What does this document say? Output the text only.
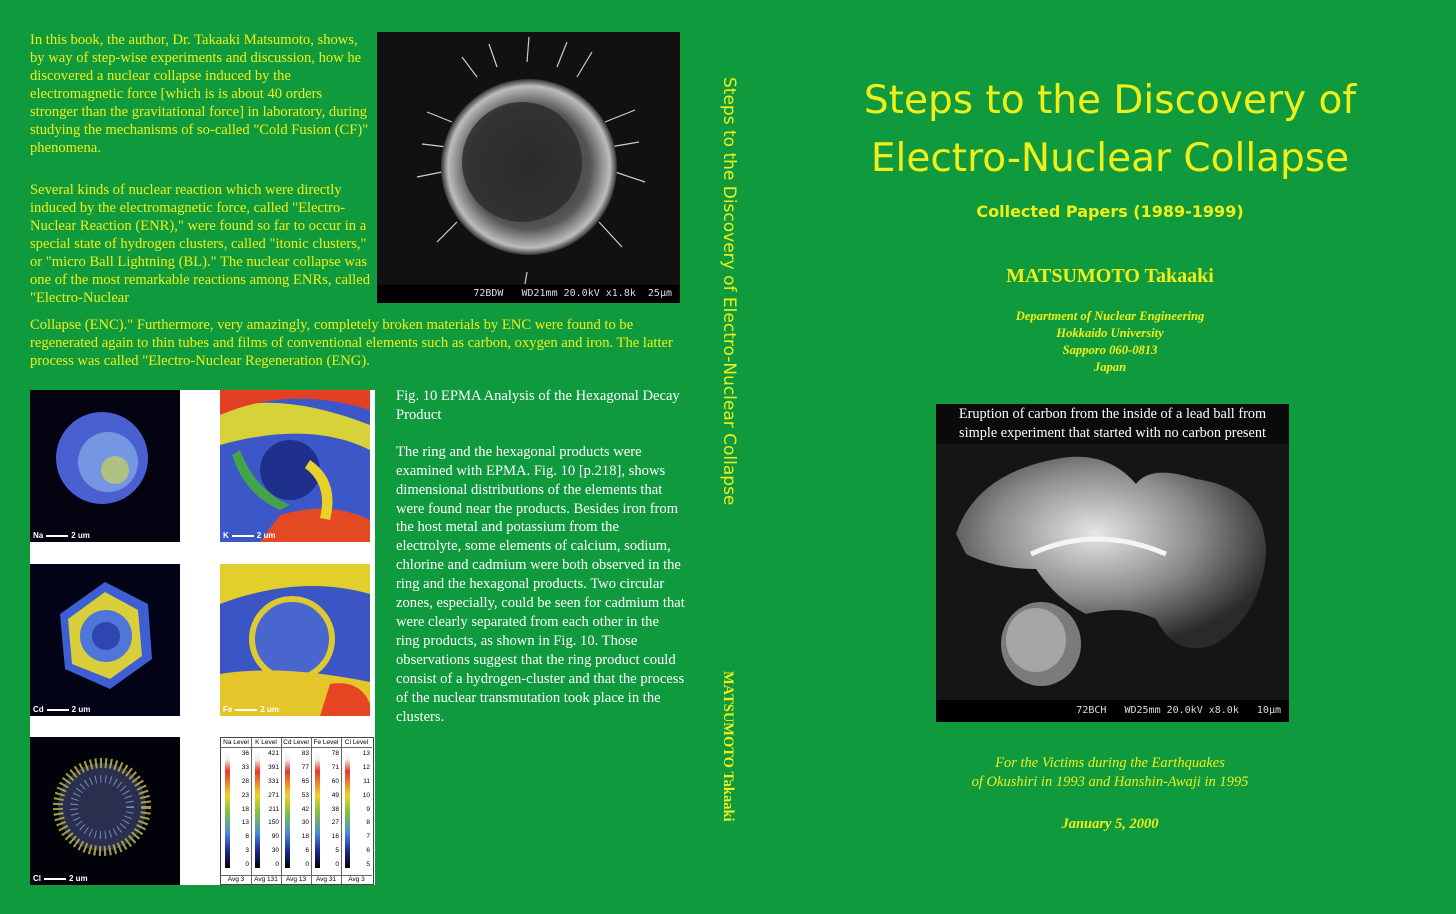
In this book, the author, Dr. Takaaki Matsumoto, shows, by way of step-wise experiments and discussion, how he discovered a nuclear collapse induced by the electromagnetic force [which is is about 40 orders stronger than the gravitational force] in laboratory, during studying the mechanisms of so-called "Cold Fusion (CF)" phenomena.

Several kinds of nuclear reaction which were directly induced by the electromagnetic force, called "Electro-Nuclear Reaction (ENR)," were found so far to occur in a special state of hydrogen clusters, called "itonic clusters," or "micro Ball Lightning (BL)." The nuclear collapse was one of the most remarkable reactions among ENRs, called "Electro-Nuclear
Collapse (ENC)." Furthermore, very amazingly, completely broken materials by ENC were found to be regenerated again to thin tubes and films of conventional elements such as carbon, oxygen and iron. The latter process was called "Electro-Nuclear Regeneration (ENG).
72BDW   WD21mm 20.0kV x1.8k  25µm
Na	2 um	K	2 um
Cd	2 um	Fe	2 um
Cl	2 um
Na Level
36
33
28
23
18
13
8
3
0
Avg 3
K Level
421
391
331
271
211
150
90
30
0
Avg 131
Cd Level
83
77
65
53
42
30
18
6
0
Avg 13
Fe Level
78
71
60
49
38
27
16
5
0
Avg 31
Cl Level
13
12
11
10
9
8
7
6
5
Avg 3

Fig. 10 EPMA Analysis of the Hexagonal Decay Product

The ring and the hexagonal products were examined with EPMA. Fig. 10 [p.218], shows dimensional distributions of the elements that were found near the products. Besides iron from the host metal and potassium from the electrolyte, some elements of calcium, sodium, chlorine and cadmium were both observed in the ring and the hexagonal products. Two circular zones, especially, could be seen for cadmium that were clearly separated from each other in the ring products, as shown in Fig. 10. Those observations suggest that the ring product could consist of a hydrogen-cluster and that the process of the nuclear transmutation took place in the clusters.

Steps to the Discovery of Electro-Nuclear Collapse
MATSUMOTO Takaaki
Steps to the Discovery of
Electro-Nuclear Collapse
Collected Papers (1989-1999)
MATSUMOTO Takaaki
Department of Nuclear Engineering
Hokkaido University
Sapporo 060-0813
Japan
Eruption of carbon from the inside of a lead ball from
simple experiment that started with no carbon present
72BCH   WD25mm 20.0kV x8.0k   10µm
For the Victims during the Earthquakes
of Okushiri in 1993 and Hanshin-Awaji in 1995
January 5, 2000
